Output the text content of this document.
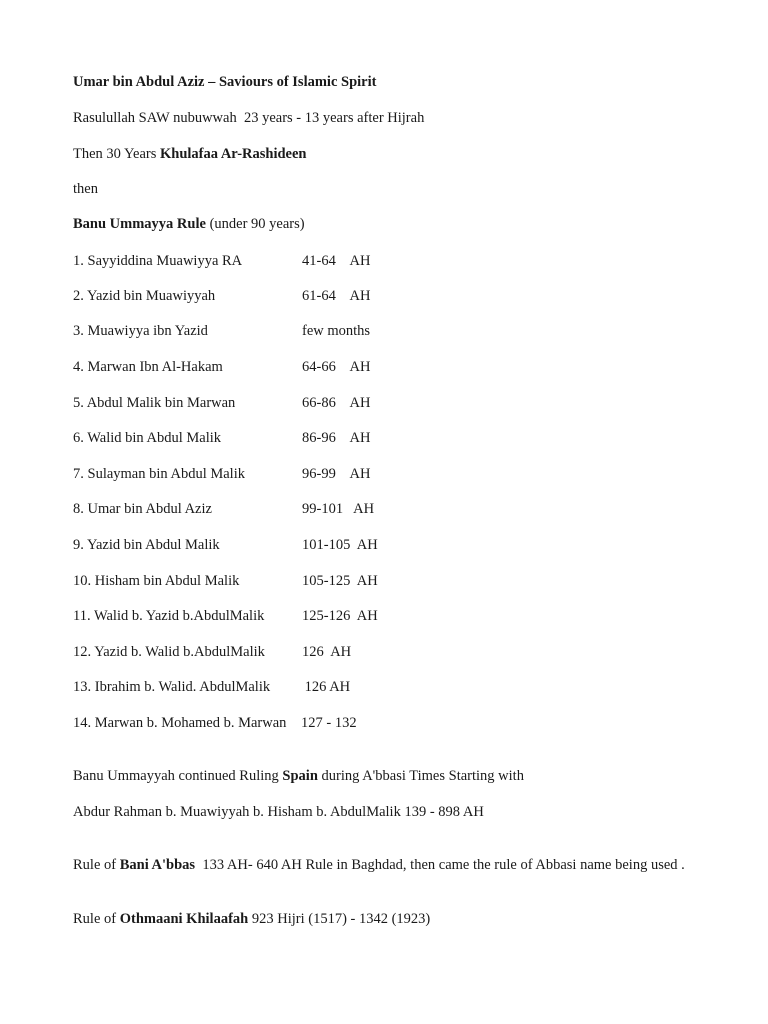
Umar bin Abdul Aziz – Saviours of Islamic Spirit
Rasulullah SAW nubuwwah  23 years - 13 years after Hijrah
Then 30 Years Khulafaa Ar-Rashideen
then
Banu Ummayya Rule (under 90 years)
1. Sayyiddina Muawiyya RA	41-64    AH
2. Yazid bin Muawiyyah	61-64    AH
3. Muawiyya ibn Yazid	few months
4. Marwan Ibn Al-Hakam	64-66    AH
5. Abdul Malik bin Marwan	66-86    AH
6. Walid bin Abdul Malik	86-96    AH
7. Sulayman bin Abdul Malik	96-99    AH
8. Umar bin Abdul Aziz	99-101   AH
9. Yazid bin Abdul Malik	101-105  AH
10. Hisham bin Abdul Malik	105-125  AH
11. Walid b. Yazid b.AbdulMalik	125-126  AH
12. Yazid b. Walid b.AbdulMalik	126  AH
13. Ibrahim b. Walid. AbdulMalik 126 AH
14. Marwan b. Mohamed b. Marwan 127 - 132
Banu Ummayyah continued Ruling Spain during A'bbasi Times Starting with
Abdur Rahman b. Muawiyyah b. Hisham b. AbdulMalik 139 - 898 AH
Rule of Bani A'bbas  133 AH- 640 AH Rule in Baghdad, then came the rule of Abbasi name being used .
Rule of Othmaani Khilaafah 923 Hijri (1517) - 1342 (1923)
